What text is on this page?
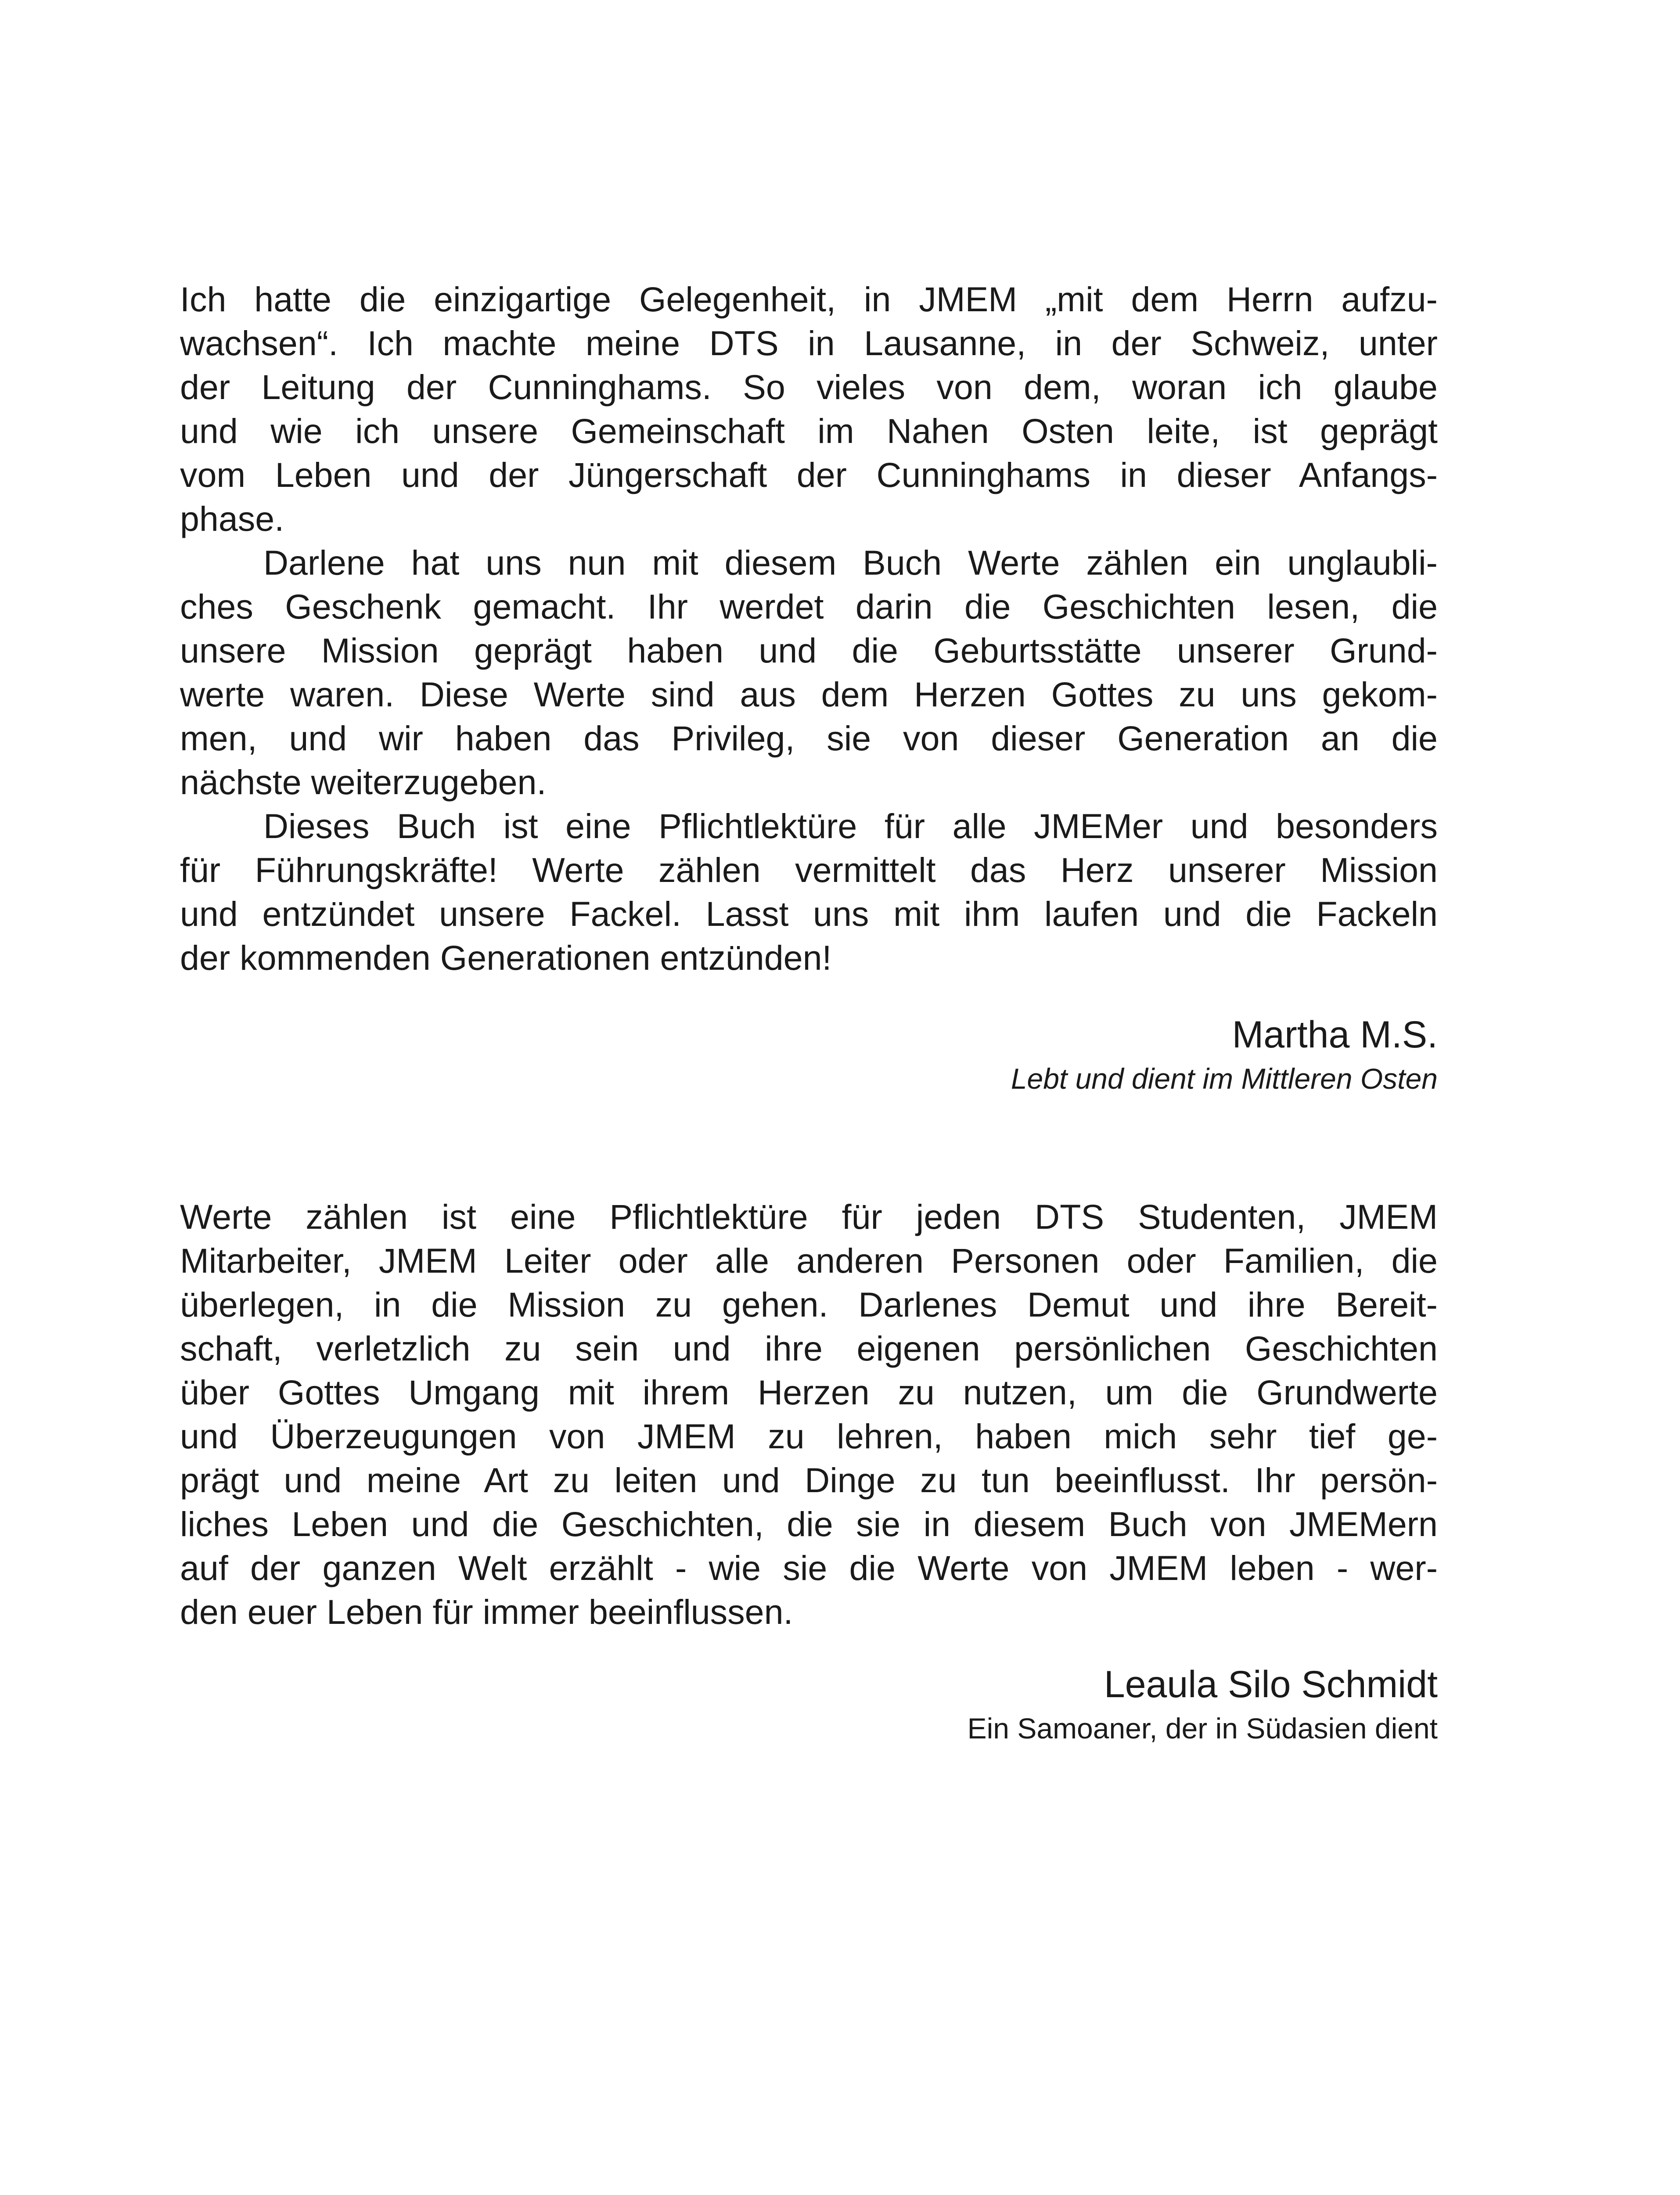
Ich hatte die einzigartige Gelegenheit, in JMEM „mit dem Herrn aufzu-
wachsen“. Ich machte meine DTS in Lausanne, in der Schweiz, unter
der Leitung der Cunninghams. So vieles von dem, woran ich glaube
und wie ich unsere Gemeinschaft im Nahen Osten leite, ist geprägt
vom Leben und der Jüngerschaft der Cunninghams in dieser Anfangs-
phase.
Darlene hat uns nun mit diesem Buch Werte zählen ein unglaubli-
ches Geschenk gemacht. Ihr werdet darin die Geschichten lesen, die
unsere Mission geprägt haben und die Geburtsstätte unserer Grund-
werte waren. Diese Werte sind aus dem Herzen Gottes zu uns gekom-
men, und wir haben das Privileg, sie von dieser Generation an die
nächste weiterzugeben.
Dieses Buch ist eine Pflichtlektüre für alle JMEMer und besonders
für Führungskräfte! Werte zählen vermittelt das Herz unserer Mission
und entzündet unsere Fackel. Lasst uns mit ihm laufen und die Fackeln
der kommenden Generationen entzünden!
Martha M.S.
Lebt und dient im Mittleren Osten
Werte zählen ist eine Pflichtlektüre für jeden DTS Studenten, JMEM
Mitarbeiter, JMEM Leiter oder alle anderen Personen oder Familien, die
überlegen, in die Mission zu gehen. Darlenes Demut und ihre Bereit-
schaft, verletzlich zu sein und ihre eigenen persönlichen Geschichten
über Gottes Umgang mit ihrem Herzen zu nutzen, um die Grundwerte
und Überzeugungen von JMEM zu lehren, haben mich sehr tief ge-
prägt und meine Art zu leiten und Dinge zu tun beeinflusst. Ihr persön-
liches Leben und die Geschichten, die sie in diesem Buch von JMEMern
auf der ganzen Welt erzählt - wie sie die Werte von JMEM leben - wer-
den euer Leben für immer beeinflussen.
Leaula Silo Schmidt
Ein Samoaner, der in Südasien dient
